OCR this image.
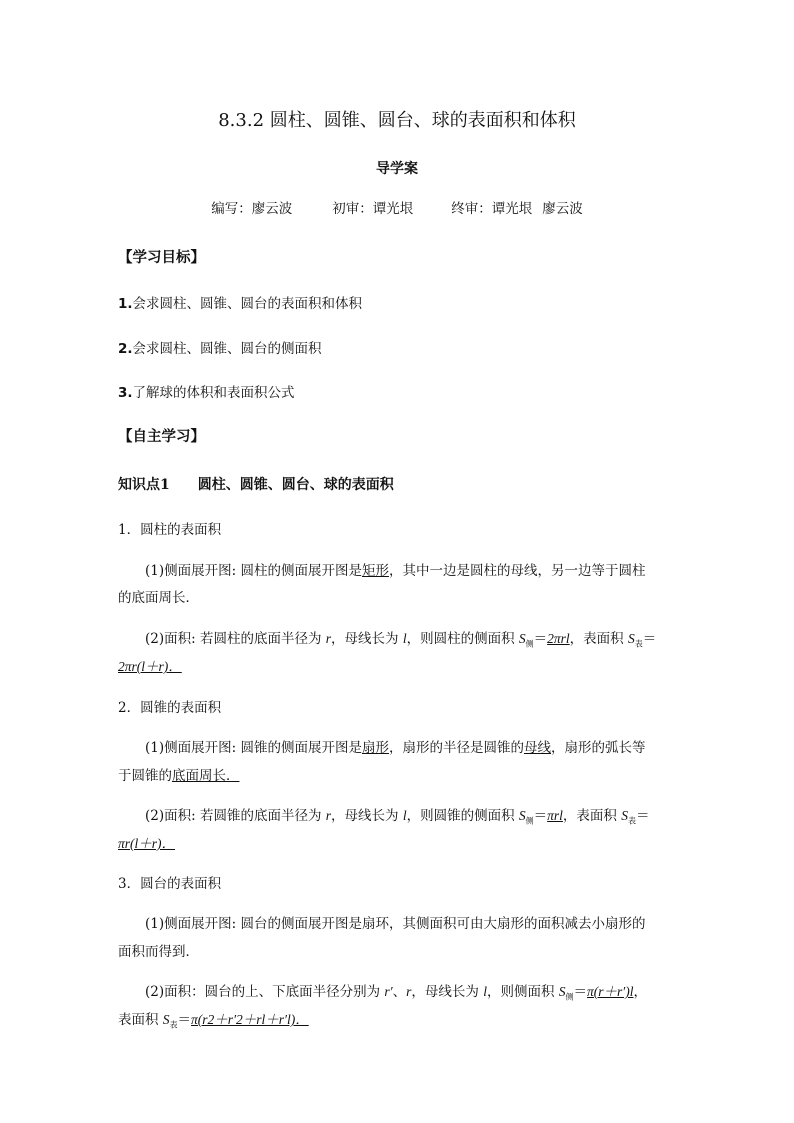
8.3.2 圆柱、圆锥、圆台、球的表面积和体积
导学案
编写：廖云波	初审：谭光垠	终审：谭光垠 廖云波
【学习目标】
1.会求圆柱、圆锥、圆台的表面积和体积
2.会求圆柱、圆锥、圆台的侧面积
3.了解球的体积和表面积公式
【自主学习】
知识点1 圆柱、圆锥、圆台、球的表面积
1．圆柱的表面积
(1)侧面展开图: 圆柱的侧面展开图是矩形，其中一边是圆柱的母线，另一边等于圆柱
的底面周长．
(2)面积: 若圆柱的底面半径为 r，母线长为 l，则圆柱的侧面积 $S_侧=2\pi rl$，表面积 $S_表=$
2πr(l＋r)．
2．圆锥的表面积
(1)侧面展开图: 圆锥的侧面展开图是扇形，扇形的半径是圆锥的母线，扇形的弧长等
于圆锥的底面周长．
(2)面积: 若圆锥的底面半径为 r，母线长为 l，则圆锥的侧面积 $S_侧=\pi rl$，表面积 $S_表=$
πr(l＋r)．
3．圆台的表面积
(1)侧面展开图: 圆台的侧面展开图是扇环，其侧面积可由大扇形的面积减去小扇形的
面积而得到．
(2)面积：圆台的上、下底面半径分别为 r′、r，母线长为 l，则侧面积 $S_侧=\pi(r+r')l$，
表面积 $S_表=\pi(r2+r'2+rl+r'l)$．
